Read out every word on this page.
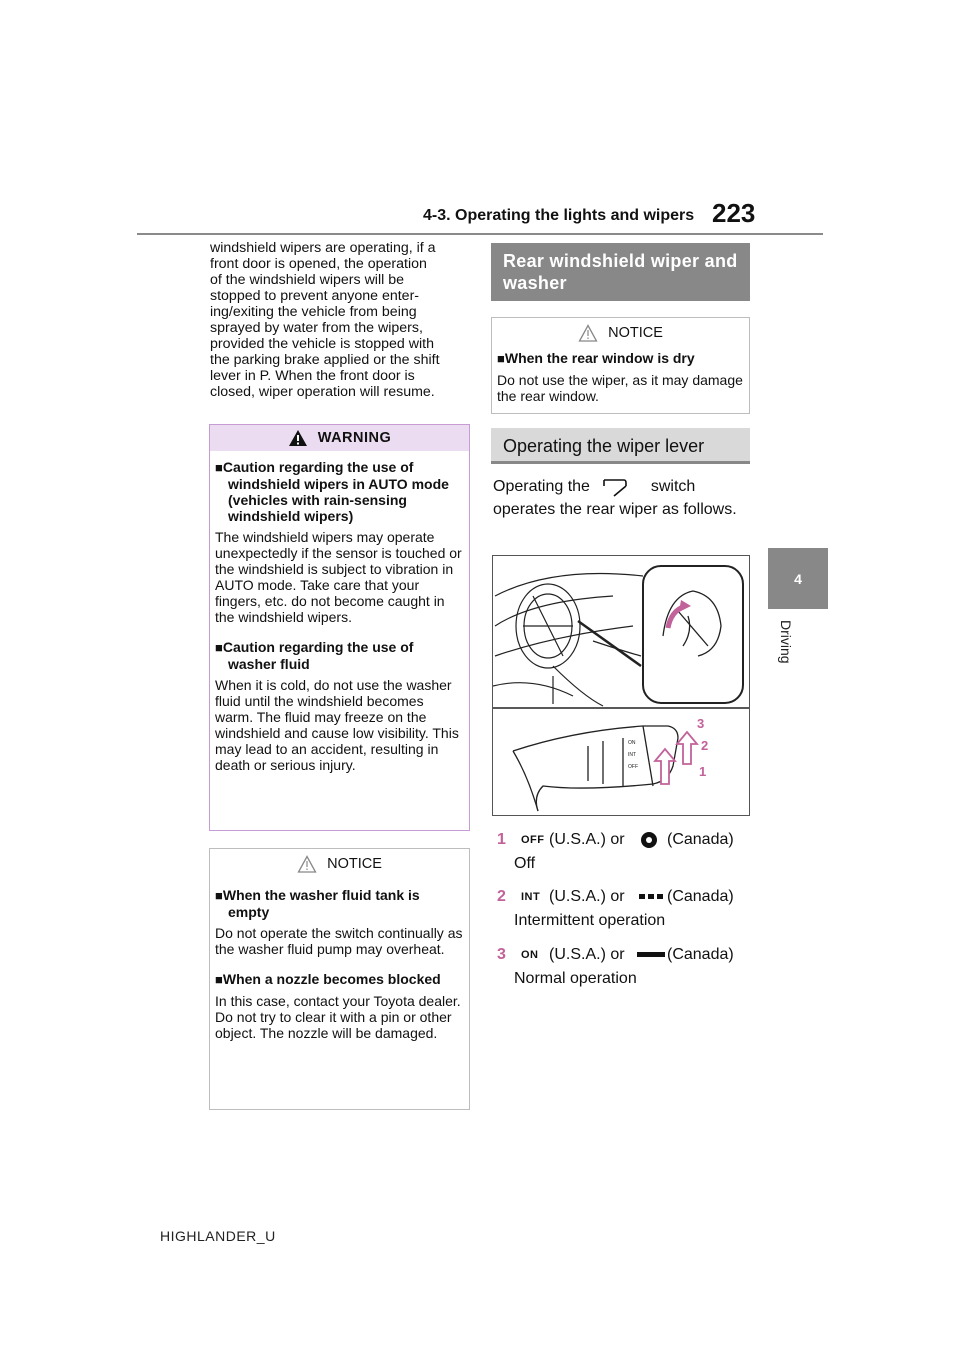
4-3. Operating the lights and wipers 223
4
Driving
windshield wipers are operating, if a
front door is opened, the operation
of the windshield wipers will be
stopped to prevent anyone enter-
ing/exiting the vehicle from being
sprayed by water from the wipers,
provided the vehicle is stopped with
the parking brake applied or the shift
lever in P. When the front door is
closed, wiper operation will resume.
WARNING
■Caution regarding the use of windshield wipers in AUTO mode (vehicles with rain-sensing windshield wipers)
The windshield wipers may operate unexpectedly if the sensor is touched or the windshield is subject to vibration in AUTO mode. Take care that your fingers, etc. do not become caught in the windshield wipers.
■Caution regarding the use of washer fluid
When it is cold, do not use the washer fluid until the windshield becomes warm. The fluid may freeze on the windshield and cause low visibility. This may lead to an accident, resulting in death or serious injury.
NOTICE
■When the washer fluid tank is empty
Do not operate the switch continually as the washer fluid pump may overheat.
■When a nozzle becomes blocked
In this case, contact your Toyota dealer. Do not try to clear it with a pin or other object. The nozzle will be damaged.
Rear windshield wiper and washer
NOTICE
■When the rear window is dry
Do not use the wiper, as it may damage the rear window.
Operating the wiper lever
Operating the	switch operates the rear wiper as follows.
ON
INT
OFF
3
2
1
1 OFF (U.S.A.) or	(Canada)
Off
2 INT (U.S.A.) or	(Canada)
Intermittent operation
3 ON (U.S.A.) or	(Canada)
Normal operation
HIGHLANDER_U
